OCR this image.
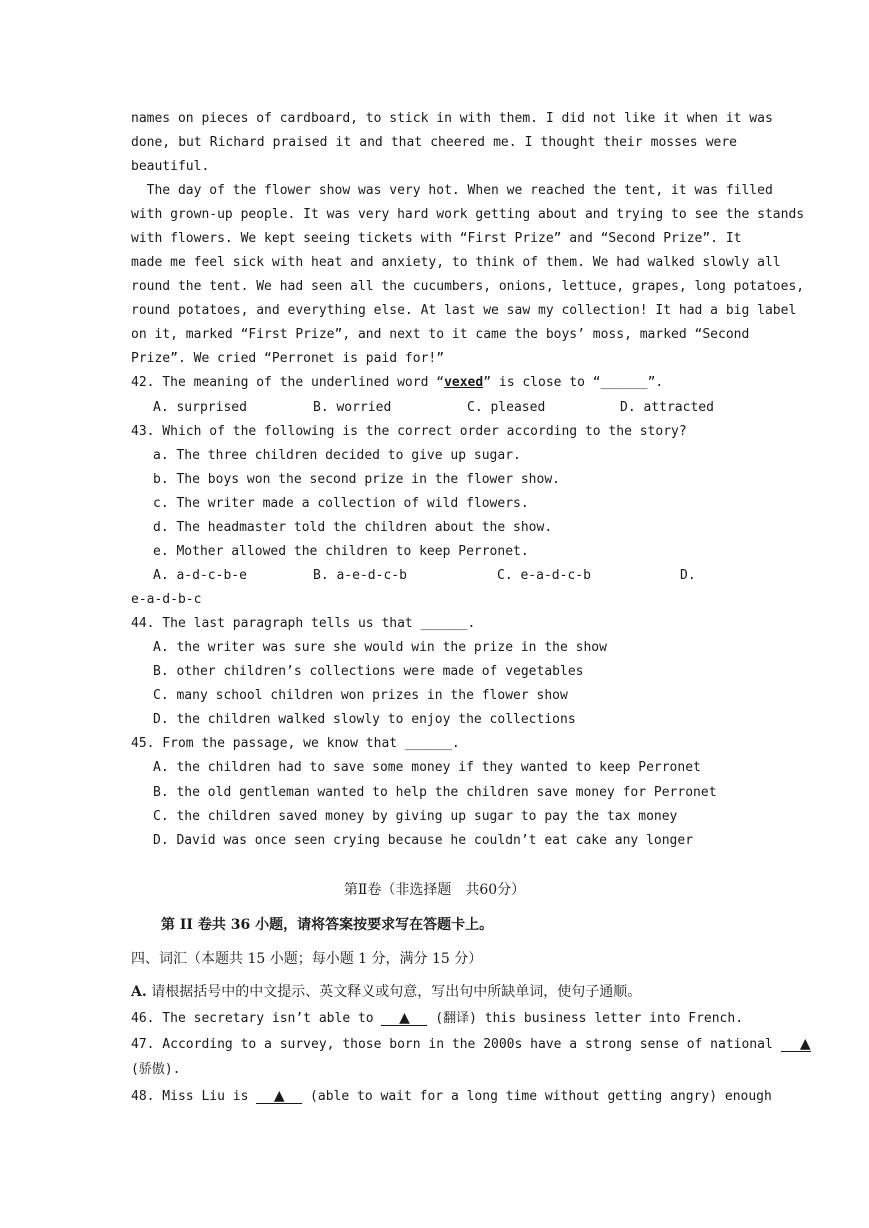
names on pieces of cardboard, to stick in with them. I did not like it when it was
done, but Richard praised it and that cheered me. I thought their mosses were
beautiful.
The day of the flower show was very hot. When we reached the tent, it was filled
with grown-up people. It was very hard work getting about and trying to see the stands
with flowers. We kept seeing tickets with “First Prize” and “Second Prize”. It
made me feel sick with heat and anxiety, to think of them. We had walked slowly all
round the tent. We had seen all the cucumbers, onions, lettuce, grapes, long potatoes,
round potatoes, and everything else. At last we saw my collection! It had a big label
on it, marked “First Prize”, and next to it came the boys’ moss, marked “Second
Prize”. We cried “Perronet is paid for!”
42. The meaning of the underlined word “vexed” is close to “______”.
A. surprised	B. worried	C. pleased	D. attracted
43. Which of the following is the correct order according to the story?
a. The three children decided to give up sugar.
b. The boys won the second prize in the flower show.
c. The writer made a collection of wild flowers.
d. The headmaster told the children about the show.
e. Mother allowed the children to keep Perronet.
A. a-d-c-b-e	B. a-e-d-c-b	C. e-a-d-c-b	D.
e-a-d-b-c
44. The last paragraph tells us that ______.
A. the writer was sure she would win the prize in the show
B. other children’s collections were made of vegetables
C. many school children won prizes in the flower show
D. the children walked slowly to enjoy the collections
45. From the passage, we know that ______.
A. the children had to save some money if they wanted to keep Perronet
B. the old gentleman wanted to help the children save money for Perronet
C. the children saved money by giving up sugar to pay the tax money
D. David was once seen crying because he couldn’t eat cake any longer
第Ⅱ卷（非选择题　共60分）
第 II 卷共 36 小题，请将答案按要求写在答题卡上。
四、词汇（本题共 15 小题；每小题 1 分，满分 15 分）
A. 请根据括号中的中文提示、英文释义或句意，写出句中所缺单词，使句子通顺。
46. The secretary isn’t able to ▲ (翻译) this business letter into French.
47. According to a survey, those born in the 2000s have a strong sense of national ▲
(骄傲).
48. Miss Liu is ▲ (able to wait for a long time without getting angry) enough
